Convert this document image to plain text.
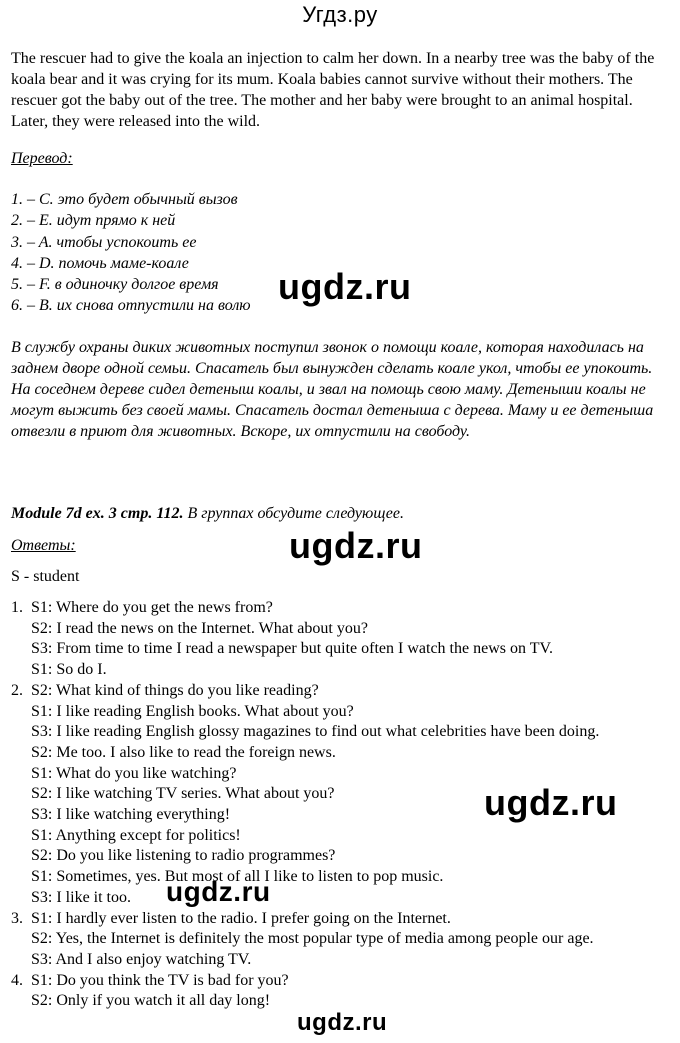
Угдз.ру
The rescuer had to give the koala an injection to calm her down. In a nearby tree was the baby of the koala bear and it was crying for its mum. Koala babies cannot survive without their mothers. The rescuer got the baby out of the tree. The mother and her baby were brought to an animal hospital. Later, they were released into the wild.
Перевод:
1. – C. это будет обычный вызов
2. – E. идут прямо к ней
3. – A. чтобы успокоить ее
4. – D. помочь маме-коале
5. – F. в одиночку долгое время
6. – B. их снова отпустили на волю
В службу охраны диких животных поступил звонок о помощи коале, которая находилась на заднем дворе одной семьи. Спасатель был вынужден сделать коале укол, чтобы ее упокоить. На соседнем дереве сидел детеныш коалы, и звал на помощь свою маму. Детеныши коалы не могут выжить без своей мамы. Спасатель достал детеныша с дерева. Маму и ее детеныша отвезли в приют для животных. Вскоре, их отпустили на свободу.
Module 7d ex. 3 стр. 112. В группах обсудите следующее.
Ответы:
S - student
1. S1: Where do you get the news from?
S2: I read the news on the Internet. What about you?
S3: From time to time I read a newspaper but quite often I watch the news on TV.
S1: So do I.
2. S2: What kind of things do you like reading?
S1: I like reading English books. What about you?
S3: I like reading English glossy magazines to find out what celebrities have been doing.
S2: Me too. I also like to read the foreign news.
S1: What do you like watching?
S2: I like watching TV series. What about you?
S3: I like watching everything!
S1: Anything except for politics!
S2: Do you like listening to radio programmes?
S1: Sometimes, yes. But most of all I like to listen to pop music.
S3: I like it too.
3. S1: I hardly ever listen to the radio. I prefer going on the Internet.
S2: Yes, the Internet is definitely the most popular type of media among people our age.
S3: And I also enjoy watching TV.
4. S1: Do you think the TV is bad for you?
S2: Only if you watch it all day long!
ugdz.ru
ugdz.ru
ugdz.ru
ugdz.ru
ugdz.ru
